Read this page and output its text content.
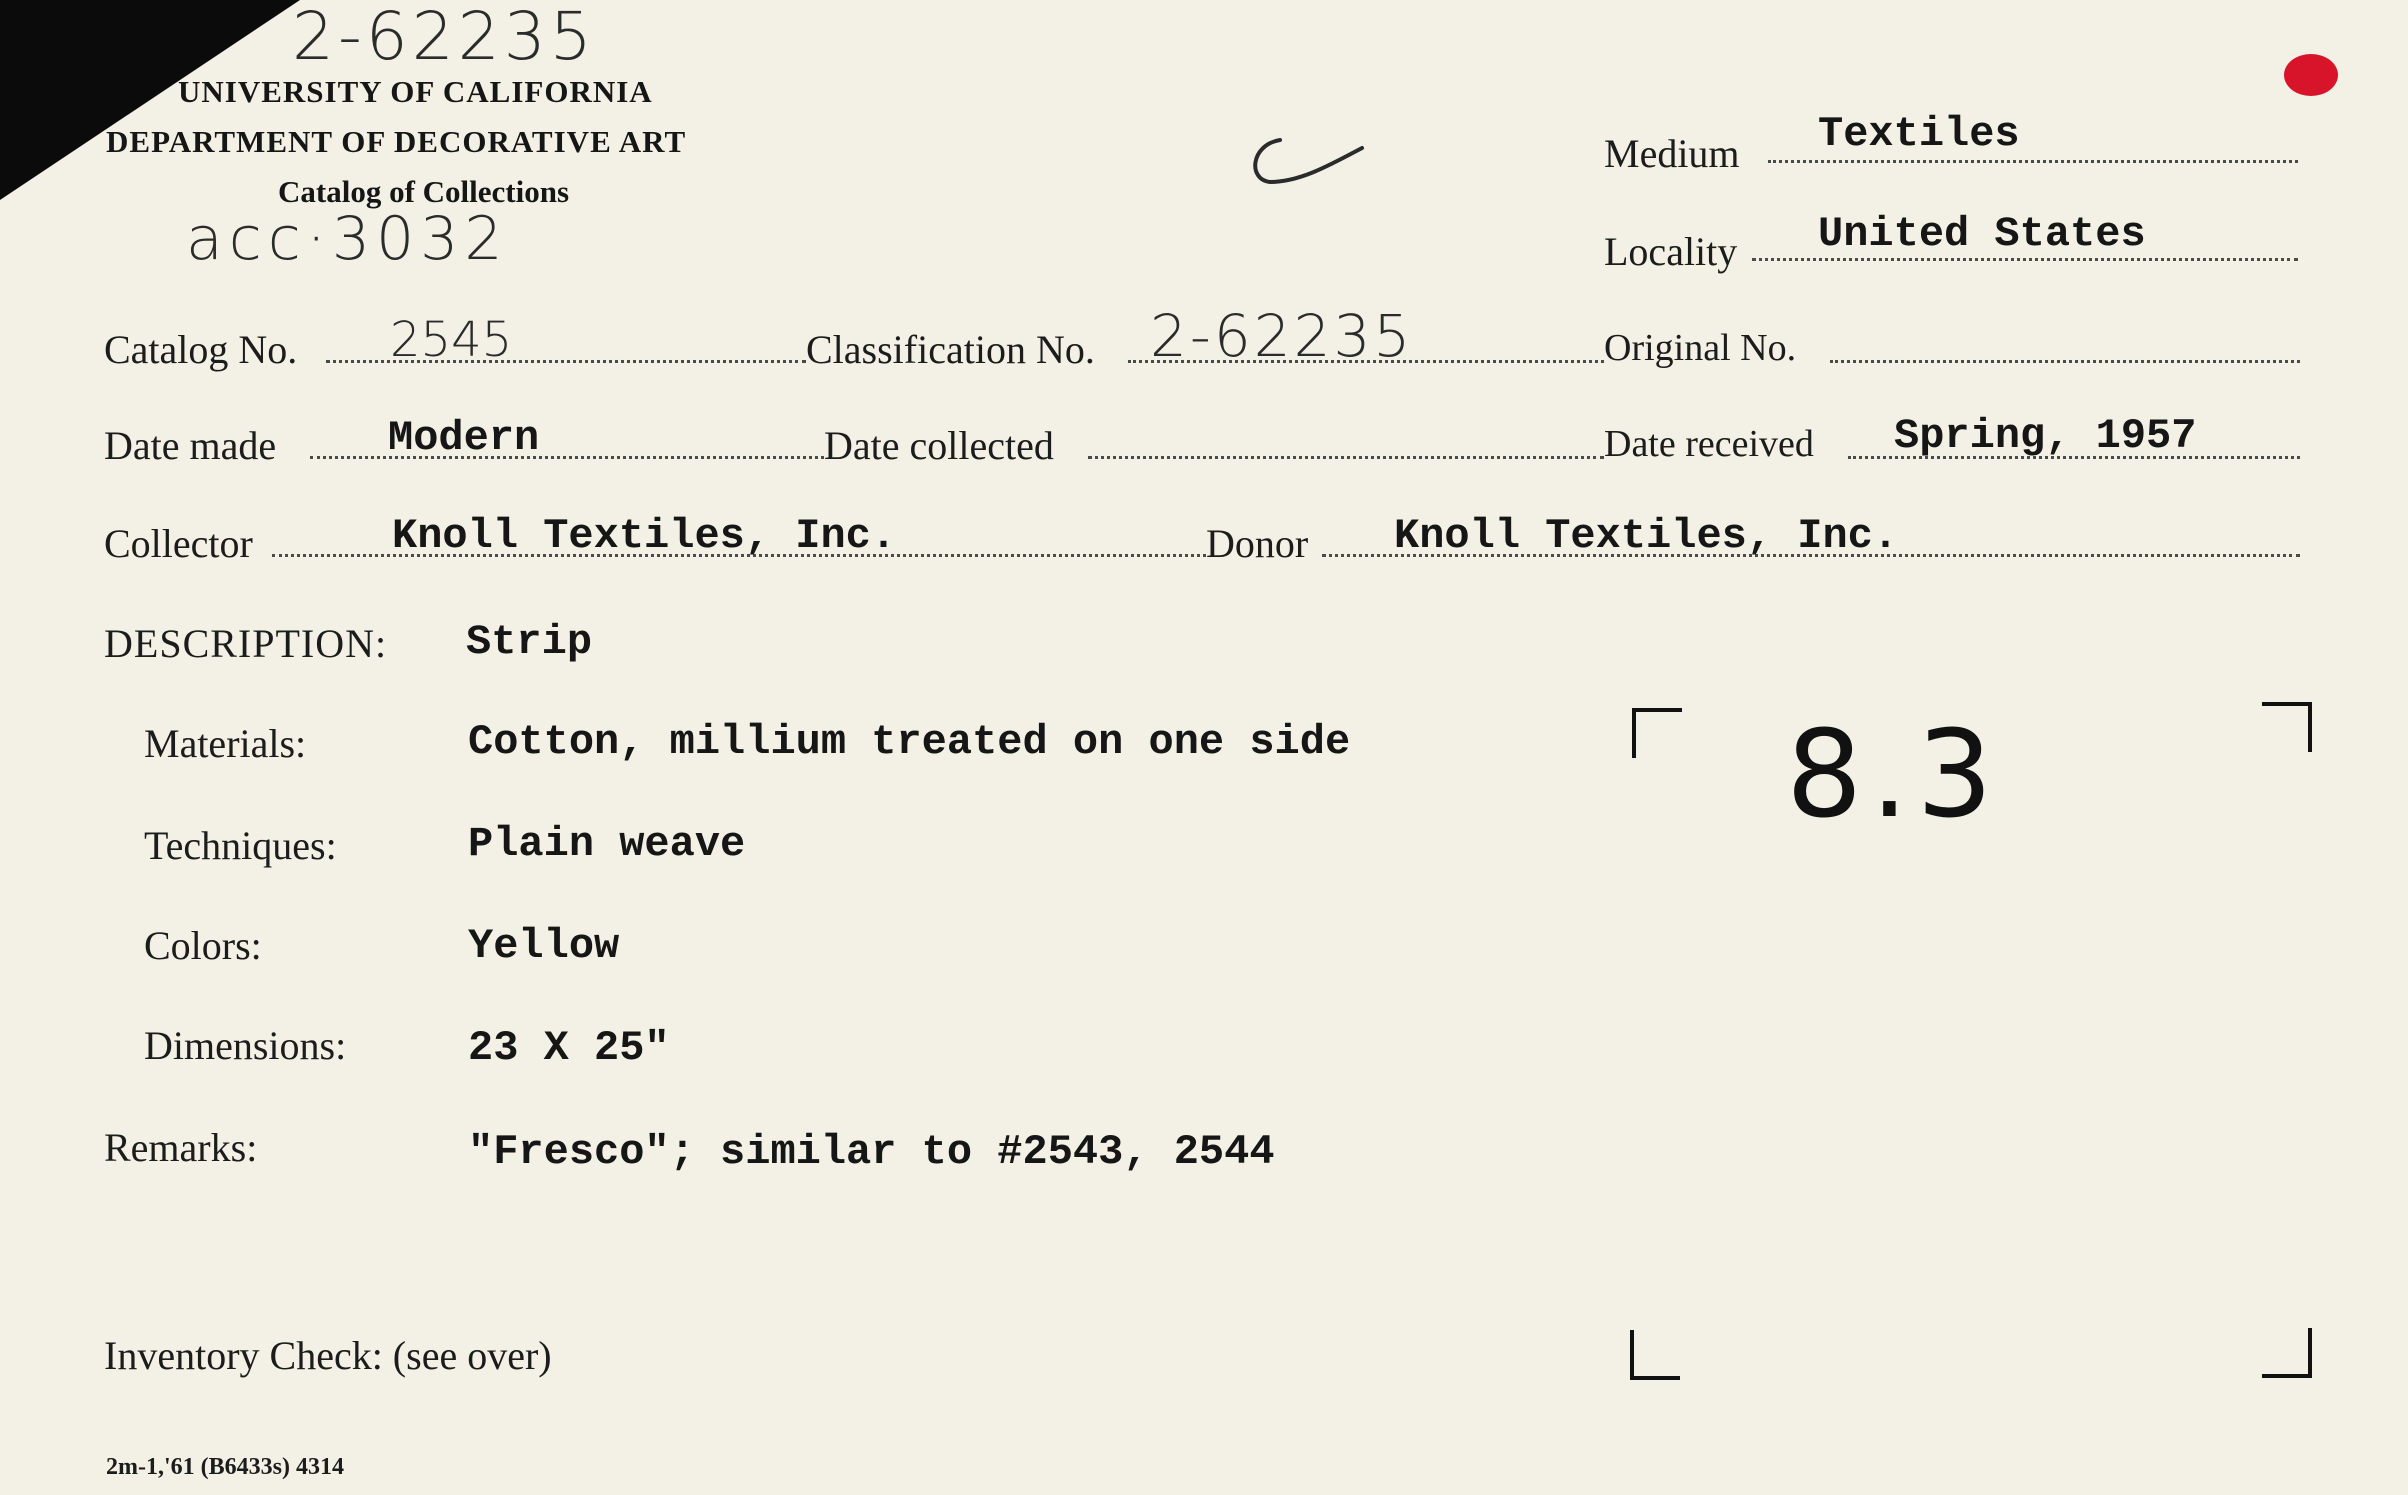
2-62235
UNIVERSITY OF CALIFORNIA
DEPARTMENT OF DECORATIVE ART
Catalog of Collections
acc·3032
Medium Textiles
Locality United States
Catalog No. 2545	Classification No. 2-62235	Original No.
Date made	Modern	Date collected	Date received Spring, 1957
Collector	Knoll Textiles, Inc.	Donor Knoll Textiles, Inc.
DESCRIPTION: Strip
Materials:	Cotton, millium treated on one side
Techniques:	Plain weave
Colors:	Yellow
Dimensions:	23 X 25"
Remarks:	"Fresco"; similar to #2543, 2544
8.3
Inventory Check: (see over)
2m-1,'61 (B6433s) 4314
